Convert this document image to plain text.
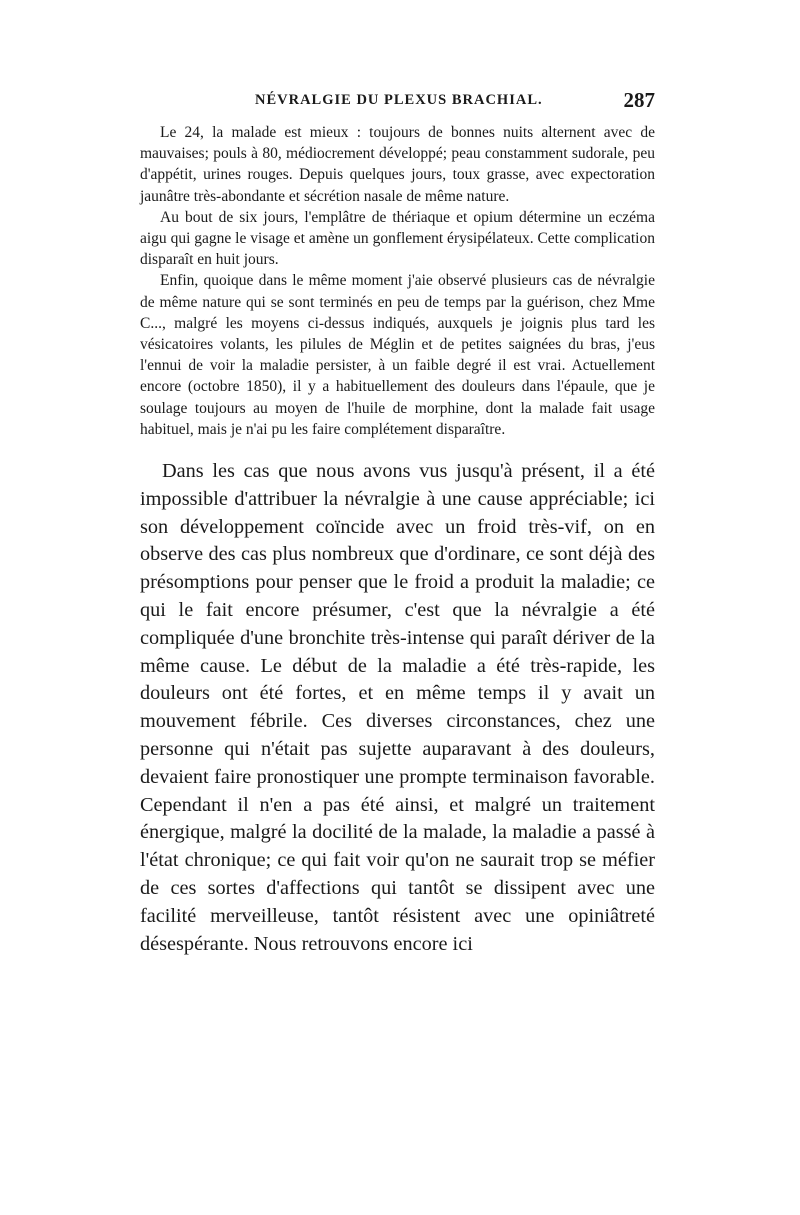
NÉVRALGIE DU PLEXUS BRACHIAL.	287

Le 24, la malade est mieux : toujours de bonnes nuits alternent avec de mauvaises; pouls à 80, médiocrement développé; peau constamment sudorale, peu d'appétit, urines rouges. Depuis quelques jours, toux grasse, avec expectoration jaunâtre très-abondante et sécrétion nasale de même nature.

Au bout de six jours, l'emplâtre de thériaque et opium détermine un eczéma aigu qui gagne le visage et amène un gonflement érysipélateux. Cette complication disparaît en huit jours.

Enfin, quoique dans le même moment j'aie observé plusieurs cas de névralgie de même nature qui se sont terminés en peu de temps par la guérison, chez Mme C..., malgré les moyens ci-dessus indiqués, auxquels je joignis plus tard les vésicatoires volants, les pilules de Méglin et de petites saignées du bras, j'eus l'ennui de voir la maladie persister, à un faible degré il est vrai. Actuellement encore (octobre 1850), il y a habituellement des douleurs dans l'épaule, que je soulage toujours au moyen de l'huile de morphine, dont la malade fait usage habituel, mais je n'ai pu les faire complétement disparaître.

Dans les cas que nous avons vus jusqu'à présent, il a été impossible d'attribuer la névralgie à une cause appréciable; ici son développement coïncide avec un froid très-vif, on en observe des cas plus nombreux que d'ordinare, ce sont déjà des présomptions pour penser que le froid a produit la maladie; ce qui le fait encore présumer, c'est que la névralgie a été compliquée d'une bronchite très-intense qui paraît dériver de la même cause. Le début de la maladie a été très-rapide, les douleurs ont été fortes, et en même temps il y avait un mouvement fébrile. Ces diverses circonstances, chez une personne qui n'était pas sujette auparavant à des douleurs, devaient faire pronostiquer une prompte terminaison favorable. Cependant il n'en a pas été ainsi, et malgré un traitement énergique, malgré la docilité de la malade, la maladie a passé à l'état chronique; ce qui fait voir qu'on ne saurait trop se méfier de ces sortes d'affections qui tantôt se dissipent avec une facilité merveilleuse, tantôt résistent avec une opiniâtreté désespérante. Nous retrouvons encore ici
